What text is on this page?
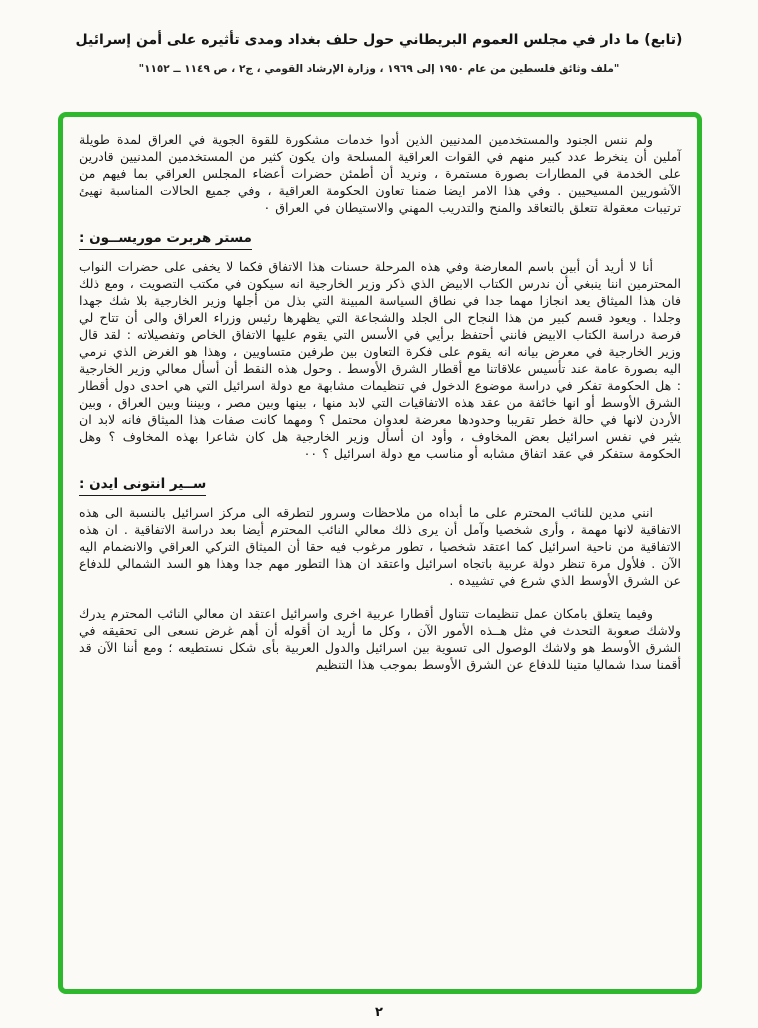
(تابع) ما دار في مجلس العموم البريطاني حول حلف بغداد ومدى تأثيره على أمن إسرائيل
"ملف وثائق فلسطين من عام ١٩٥٠ إلى ١٩٦٩ ، وزارة الإرشاد القومي ، ج٢ ، ص ١١٤٩ ــ ١١٥٢"

ولم ننس الجنود والمستخدمين المدنيين الذين أدوا خدمات مشكورة للقوة الجوية في العراق لمدة طويلة آملين أن ينخرط عدد كبير منهم في القوات العراقية المسلحة وان يكون كثير من المستخدمين المدنيين قادرين على الخدمة في المطارات بصورة مستمرة ، ونريد أن أطمئن حضرات أعضاء المجلس العراقي بما فيهم من الآشوريين المسيحيين . وفي هذا الامر ايضا ضمنا تعاون الحكومة العراقية ، وفي جميع الحالات المناسبة نهيئ ترتيبات معقولة تتعلق بالتعاقد والمنح والتدريب المهني والاستيطان في العراق ٠

مستر هربرت موريســون :

أنا لا أريد أن أبين باسم المعارضة وفي هذه المرحلة حسنات هذا الاتفاق فكما لا يخفى على حضرات النواب المحترمين اننا ينبغي أن ندرس الكتاب الابيض الذي ذكر وزير الخارجية انه سيكون في مكتب التصويت ، ومع ذلك فان هذا الميثاق يعد انجازا مهما جدا في نطاق السياسة المبينة التي بذل من أجلها وزير الخارجية بلا شك جهدا وجلدا . ويعود قسم كبير من هذا النجاح الى الجلد والشجاعة التي يظهرها رئيس وزراء العراق والى أن تتاح لي فرصة دراسة الكتاب الابيض فانني أحتفظ برأيي في الأسس التي يقوم عليها الاتفاق الخاص وتفصيلاته : لقد قال وزير الخارجية في معرض بيانه انه يقوم على فكرة التعاون بين طرفين متساويين ، وهذا هو الغرض الذي نرمي اليه بصورة عامة عند تأسيس علاقاتنا مع أقطار الشرق الأوسط . وحول هذه النقط أن أسأل معالي وزير الخارجية : هل الحكومة تفكر في دراسة موضوع الدخول في تنظيمات مشابهة مع دولة اسرائيل التي هي احدى دول أقطار الشرق الأوسط أو انها خائفة من عقد هذه الاتفاقيات التي لابد منها ، بينها وبين مصر ، وبيننا وبين العراق ، وبين الأردن لانها في حالة خطر تقريبا وحدودها معرضة لعدوان محتمل ؟ ومهما كانت صفات هذا الميثاق فانه لابد ان يثير في نفس اسرائيل بعض المخاوف ، وأود ان أسأل وزير الخارجية هل كان شاعرا بهذه المخاوف ؟ وهل الحكومة ستفكر في عقد اتفاق مشابه أو مناسب مع دولة اسرائيل ؟ ٠٠

ســير انتونى ايدن :

انني مدين للنائب المحترم على ما أبداه من ملاحظات وسرور لتطرقه الى مركز اسرائيل بالنسبة الى هذه الاتفاقية لانها مهمة ، وأرى شخصيا وآمل أن يرى ذلك معالي النائب المحترم أيضا بعد دراسة الاتفاقية . ان هذه الاتفاقية من ناحية اسرائيل كما اعتقد شخصيا ، تطور مرغوب فيه حقا أن الميثاق التركي العراقي والانضمام اليه الآن . فلأول مرة تنظر دولة عربية باتجاه اسرائيل واعتقد ان هذا التطور مهم جدا وهذا هو السد الشمالي للدفاع عن الشرق الأوسط الذي شرع في تشييده .

وفيما يتعلق بامكان عمل تنظيمات تتناول أقطارا عربية اخرى واسرائيل اعتقد ان معالي النائب المحترم يدرك ولاشك صعوبة التحدث في مثل هــذه الأمور الآن ، وكل ما أريد ان أقوله أن أهم غرض نسعى الى تحقيقه في الشرق الأوسط هو ولاشك الوصول الى تسوية بين اسرائيل والدول العربية بأى شكل نستطيعه ؛ ومع أننا الآن قد أقمنا سدا شماليا متينا للدفاع عن الشرق الأوسط بموجب هذا التنظيم

٢
